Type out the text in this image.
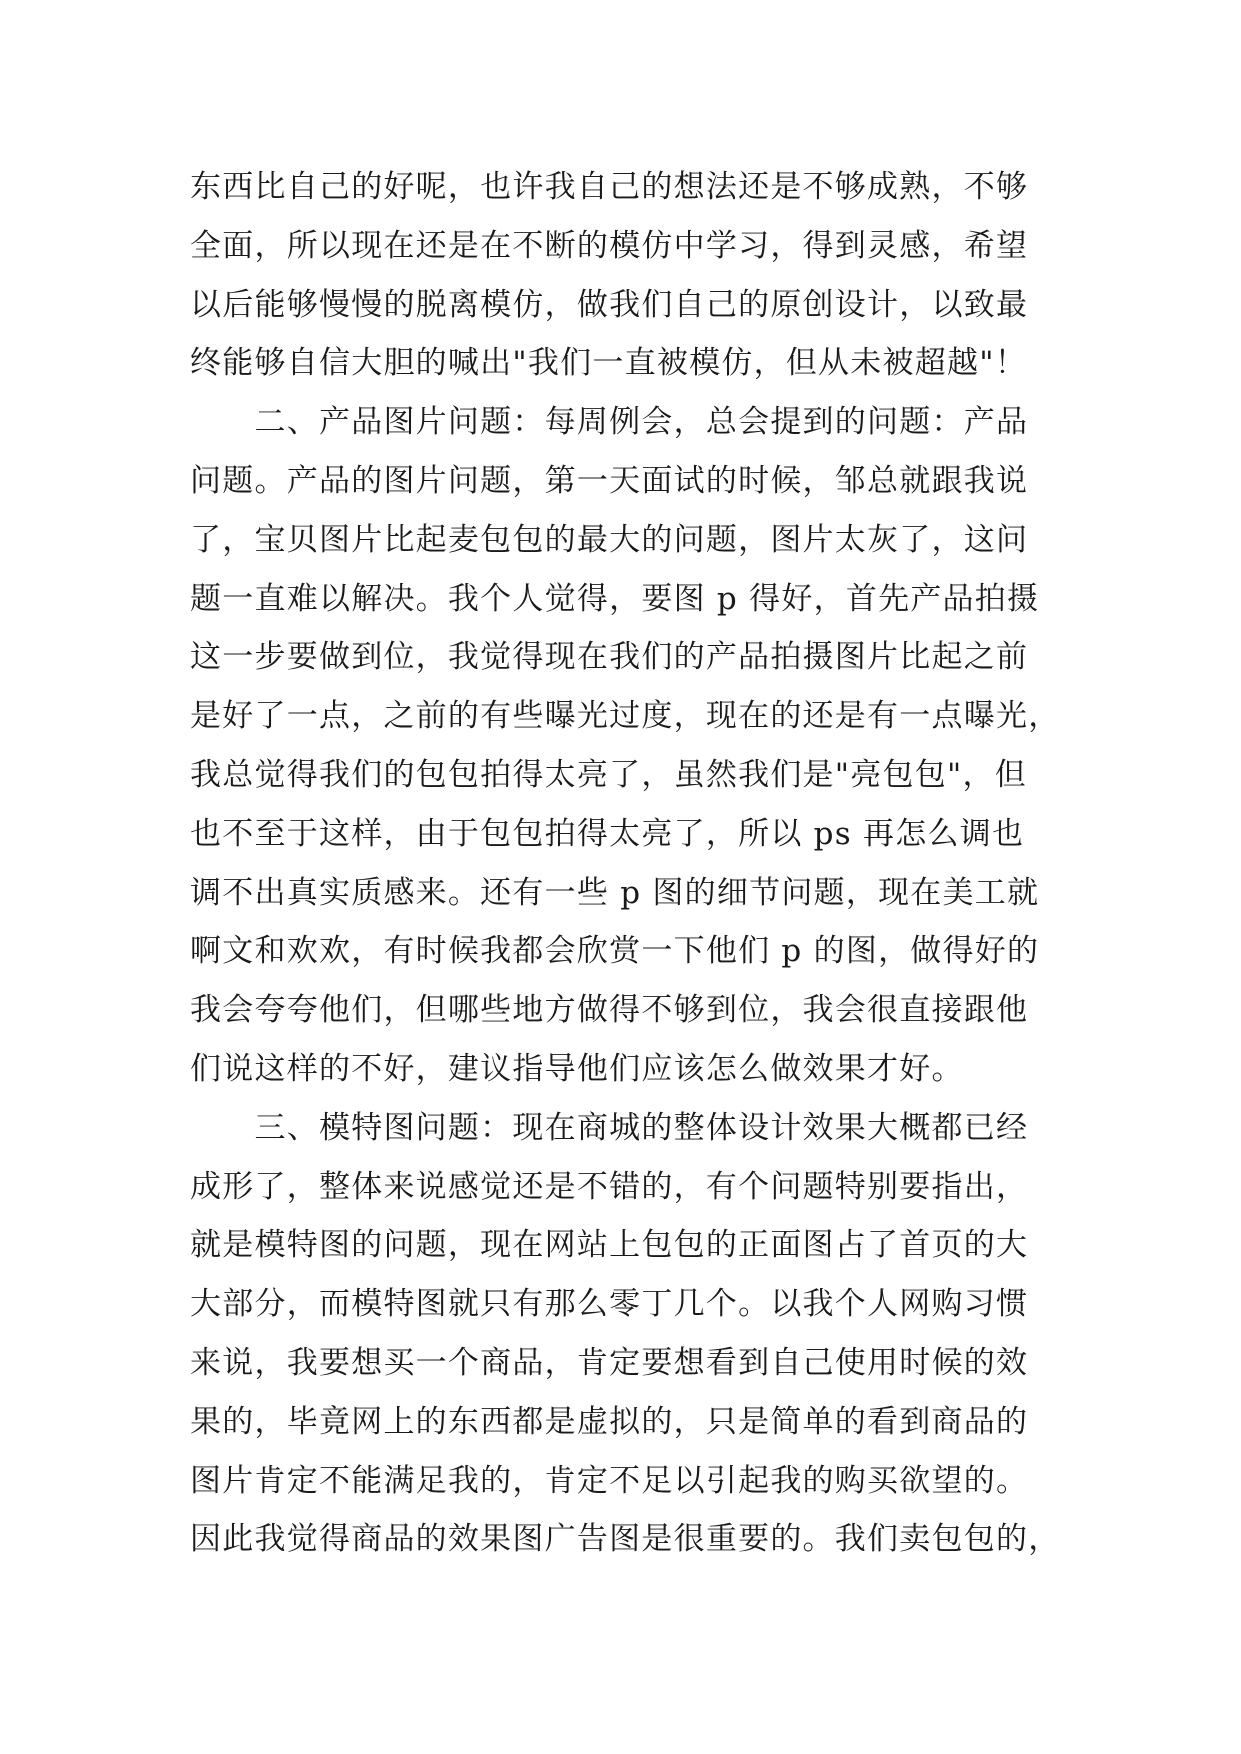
东西比自己的好呢，也许我自己的想法还是不够成熟，不够
全面，所以现在还是在不断的模仿中学习，得到灵感，希望
以后能够慢慢的脱离模仿，做我们自己的原创设计，以致最
终能够自信大胆的喊出"我们一直被模仿，但从未被超越"！
　　二、产品图片问题：每周例会，总会提到的问题：产品
问题。产品的图片问题，第一天面试的时候，邹总就跟我说
了，宝贝图片比起麦包包的最大的问题，图片太灰了，这问
题一直难以解决。我个人觉得，要图 p 得好，首先产品拍摄
这一步要做到位，我觉得现在我们的产品拍摄图片比起之前
是好了一点，之前的有些曝光过度，现在的还是有一点曝光，
我总觉得我们的包包拍得太亮了，虽然我们是"亮包包"，但
也不至于这样，由于包包拍得太亮了，所以 ps 再怎么调也
调不出真实质感来。还有一些 p 图的细节问题，现在美工就
啊文和欢欢，有时候我都会欣赏一下他们 p 的图，做得好的
我会夸夸他们，但哪些地方做得不够到位，我会很直接跟他
们说这样的不好，建议指导他们应该怎么做效果才好。
　　三、模特图问题：现在商城的整体设计效果大概都已经
成形了，整体来说感觉还是不错的，有个问题特别要指出，
就是模特图的问题，现在网站上包包的正面图占了首页的大
大部分，而模特图就只有那么零丁几个。以我个人网购习惯
来说，我要想买一个商品，肯定要想看到自己使用时候的效
果的，毕竟网上的东西都是虚拟的，只是简单的看到商品的
图片肯定不能满足我的，肯定不足以引起我的购买欲望的。
因此我觉得商品的效果图广告图是很重要的。我们卖包包的，
